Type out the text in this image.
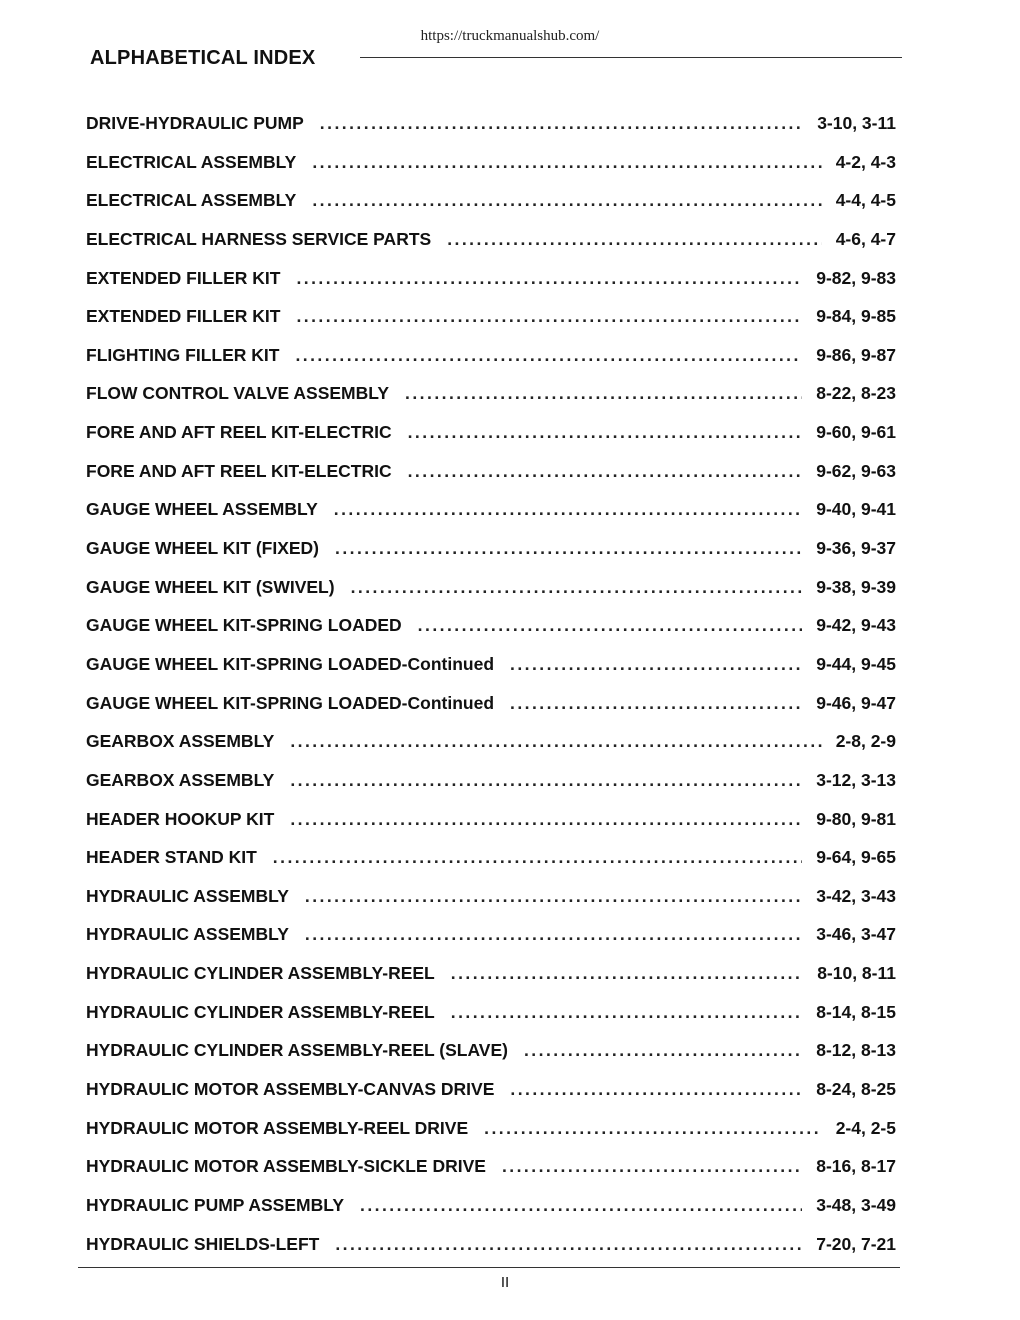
https://truckmanualshub.com/
ALPHABETICAL INDEX
DRIVE-HYDRAULIC PUMP . . .	3-10, 3-11
ELECTRICAL ASSEMBLY . . .	4-2, 4-3
ELECTRICAL ASSEMBLY . . .	4-4, 4-5
ELECTRICAL HARNESS SERVICE PARTS . . .	4-6, 4-7
EXTENDED FILLER KIT . . .	9-82, 9-83
EXTENDED FILLER KIT . . .	9-84, 9-85
FLIGHTING FILLER KIT . . .	9-86, 9-87
FLOW CONTROL VALVE ASSEMBLY . . .	8-22, 8-23
FORE AND AFT REEL KIT-ELECTRIC . . .	9-60, 9-61
FORE AND AFT REEL KIT-ELECTRIC . . .	9-62, 9-63
GAUGE WHEEL ASSEMBLY . . .	9-40, 9-41
GAUGE WHEEL KIT (FIXED) . . .	9-36, 9-37
GAUGE WHEEL KIT (SWIVEL) . . .	9-38, 9-39
GAUGE WHEEL KIT-SPRING LOADED . . .	9-42, 9-43
GAUGE WHEEL KIT-SPRING LOADED-Continued . . .	9-44, 9-45
GAUGE WHEEL KIT-SPRING LOADED-Continued . . .	9-46, 9-47
GEARBOX ASSEMBLY . . .	2-8, 2-9
GEARBOX ASSEMBLY . . .	3-12, 3-13
HEADER HOOKUP KIT . . .	9-80, 9-81
HEADER STAND KIT . . .	9-64, 9-65
HYDRAULIC ASSEMBLY . . .	3-42, 3-43
HYDRAULIC ASSEMBLY . . .	3-46, 3-47
HYDRAULIC CYLINDER ASSEMBLY-REEL . . .	8-10, 8-11
HYDRAULIC CYLINDER ASSEMBLY-REEL . . .	8-14, 8-15
HYDRAULIC CYLINDER ASSEMBLY-REEL (SLAVE) . . .	8-12, 8-13
HYDRAULIC MOTOR ASSEMBLY-CANVAS DRIVE . . .	8-24, 8-25
HYDRAULIC MOTOR ASSEMBLY-REEL DRIVE . . .	2-4, 2-5
HYDRAULIC MOTOR ASSEMBLY-SICKLE DRIVE . . .	8-16, 8-17
HYDRAULIC PUMP ASSEMBLY . . .	3-48, 3-49
HYDRAULIC SHIELDS-LEFT . . .	7-20, 7-21
II
